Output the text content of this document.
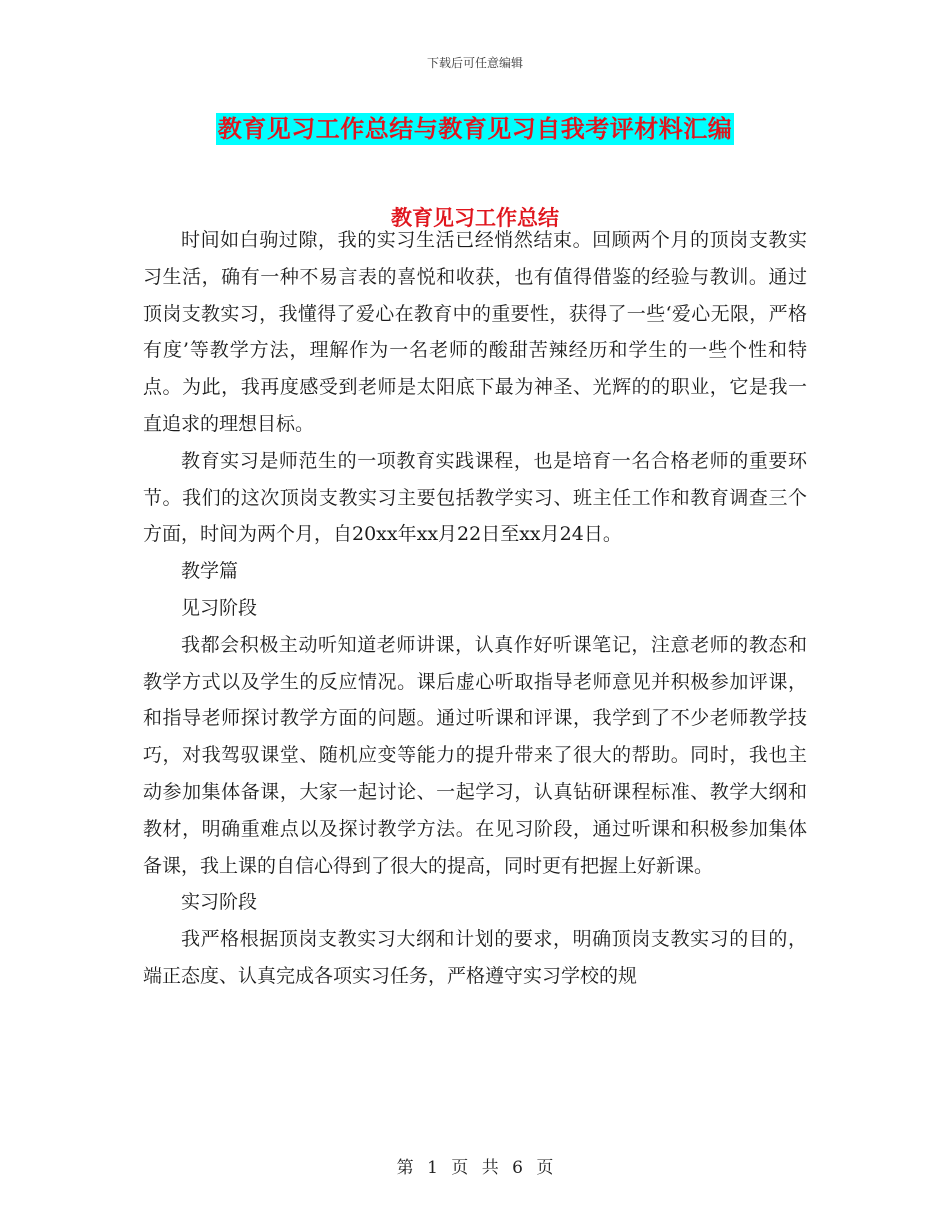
下载后可任意编辑
教育见习工作总结与教育见习自我考评材料汇编
教育见习工作总结

时间如白驹过隙，我的实习生活已经悄然结束。回顾两个月的顶岗支教实习生活，确有一种不易言表的喜悦和收获，也有值得借鉴的经验与教训。通过顶岗支教实习，我懂得了爱心在教育中的重要性，获得了一些‘爱心无限，严格有度’等教学方法，理解作为一名老师的酸甜苦辣经历和学生的一些个性和特点。为此，我再度感受到老师是太阳底下最为神圣、光辉的的职业，它是我一直追求的理想目标。

教育实习是师范生的一项教育实践课程，也是培育一名合格老师的重要环节。我们的这次顶岗支教实习主要包括教学实习、班主任工作和教育调查三个方面，时间为两个月，自20xx年xx月22日至xx月24日。

教学篇

见习阶段

我都会积极主动听知道老师讲课，认真作好听课笔记，注意老师的教态和教学方式以及学生的反应情况。课后虚心听取指导老师意见并积极参加评课，和指导老师探讨教学方面的问题。通过听课和评课，我学到了不少老师教学技巧，对我驾驭课堂、随机应变等能力的提升带来了很大的帮助。同时，我也主动参加集体备课，大家一起讨论、一起学习，认真钻研课程标准、教学大纲和教材，明确重难点以及探讨教学方法。在见习阶段，通过听课和积极参加集体备课，我上课的自信心得到了很大的提高，同时更有把握上好新课。

实习阶段

我严格根据顶岗支教实习大纲和计划的要求，明确顶岗支教实习的目的，端正态度、认真完成各项实习任务，严格遵守实习学校的规

第 1 页 共 6 页
